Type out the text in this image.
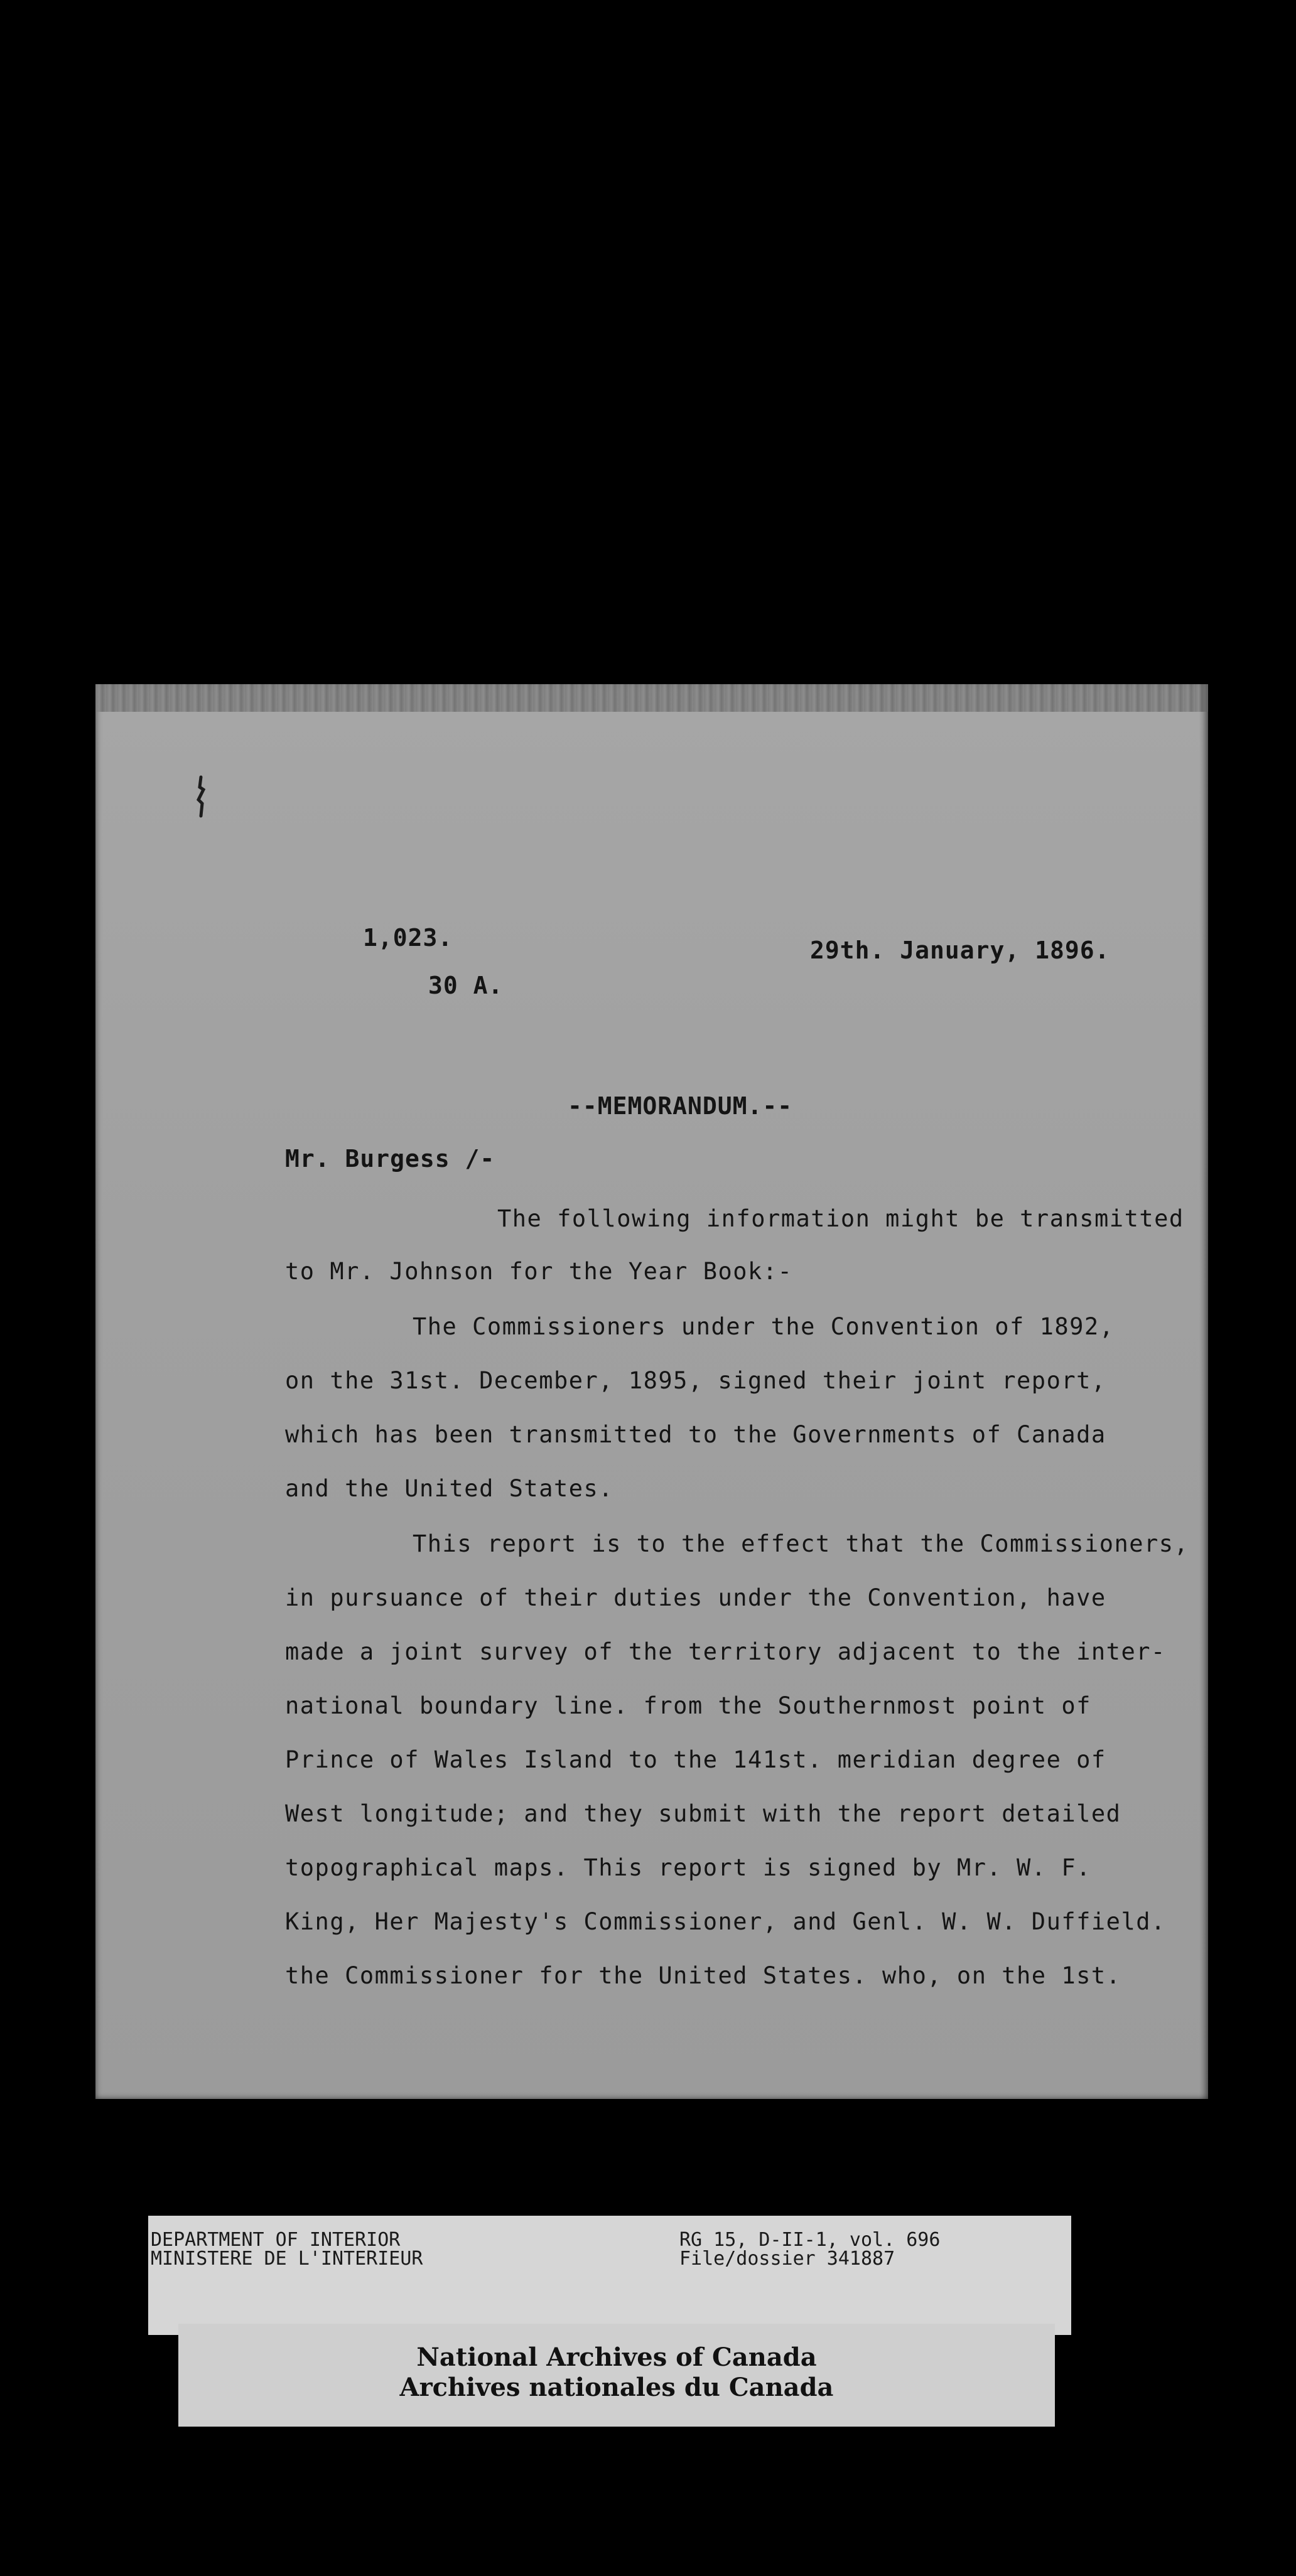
1,023.
30 A.
29th. January, 1896.
--MEMORANDUM.--
Mr. Burgess /-
The following information might be transmitted
to Mr. Johnson for the Year Book:-
The Commissioners under the Convention of 1892,
on the 31st. December, 1895, signed their joint report,
which has been transmitted to the Governments of Canada
and the United States.
This report is to the effect that the Commissioners,
in pursuance of their duties under the Convention, have
made a joint survey of the territory adjacent to the inter-
national boundary line. from the Southernmost point of
Prince of Wales Island to the 141st. meridian degree of
West longitude; and they submit with the report detailed
topographical maps. This report is signed by Mr. W. F.
King, Her Majesty's Commissioner, and Genl. W. W. Duffield.
the Commissioner for the United States. who, on the 1st.
DEPARTMENT OF INTERIOR
MINISTERE DE L'INTERIEUR
RG 15, D-II-1, vol. 696
File/dossier 341887
National Archives of Canada
Archives nationales du Canada
